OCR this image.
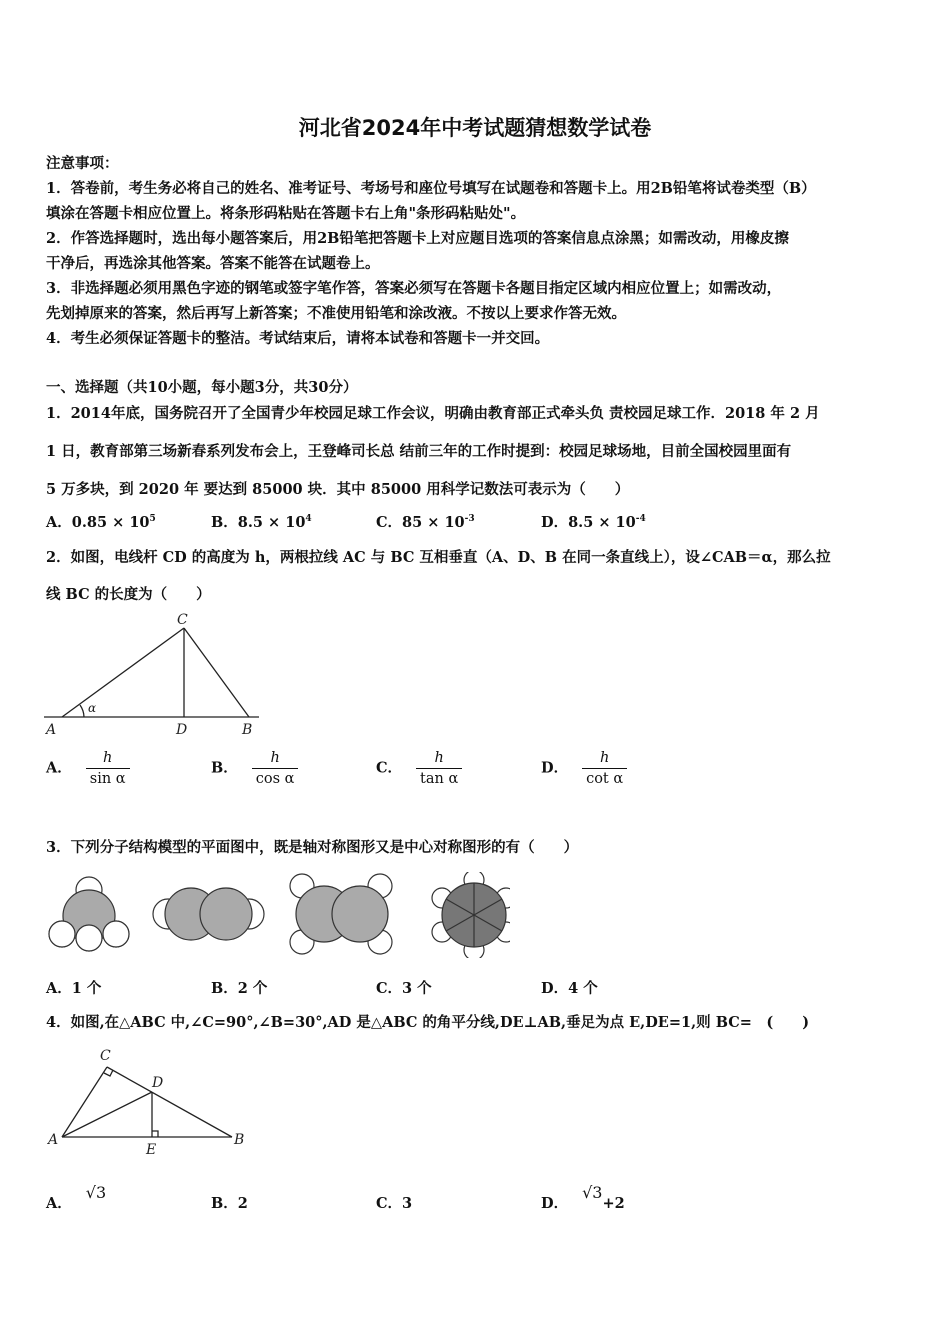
河北省2024年中考试题猜想数学试卷
注意事项：
1．答卷前，考生务必将自己的姓名、准考证号、考场号和座位号填写在试题卷和答题卡上。用2B铅笔将试卷类型（B）
填涂在答题卡相应位置上。将条形码粘贴在答题卡右上角"条形码粘贴处"。
2．作答选择题时，选出每小题答案后，用2B铅笔把答题卡上对应题目选项的答案信息点涂黑；如需改动，用橡皮擦
干净后，再选涂其他答案。答案不能答在试题卷上。
3．非选择题必须用黑色字迹的钢笔或签字笔作答，答案必须写在答题卡各题目指定区域内相应位置上；如需改动，
先划掉原来的答案，然后再写上新答案；不准使用铅笔和涂改液。不按以上要求作答无效。
4．考生必须保证答题卡的整洁。考试结束后，请将本试卷和答题卡一并交回。
一、选择题（共10小题，每小题3分，共30分）
1．2014年底，国务院召开了全国青少年校园足球工作会议，明确由教育部正式牵头负 责校园足球工作．2018 年 2 月
1 日，教育部第三场新春系列发布会上，王登峰司长总 结前三年的工作时提到：校园足球场地，目前全国校园里面有
5 万多块，到 2020 年 要达到 85000 块．其中 85000 用科学记数法可表示为（　　）
A．$0.85 \times 10^5$	B．$8.5 \times 10^4$	C．$85 \times 10^{-3}$	D．$8.5 \times 10^{-4}$
2．如图，电线杆 CD 的高度为 h，两根拉线 AC 与 BC 互相垂直（A、D、B 在同一条直线上），设∠CAB＝α，那么拉
线 BC 的长度为（　　）
C
A	D	B
α
A． $\frac{h}{\text{sin α}}$	B． $\frac{h}{\text{cos α}}$	C． $\frac{h}{\text{tan α}}$	D． $\frac{h}{\text{cot α}}$
3．下列分子结构模型的平面图中，既是轴对称图形又是中心对称图形的有（　　）
A．1 个	B．2 个	C．3 个	D．4 个
4．如图,在△ABC 中,∠C=90°,∠B=30°,AD 是△ABC 的角平分线,DE⊥AB,垂足为点 E,DE=1,则 BC=　(　　)
C
D
A
E
B
A．√3
B．2	C．3	D．√3+2
